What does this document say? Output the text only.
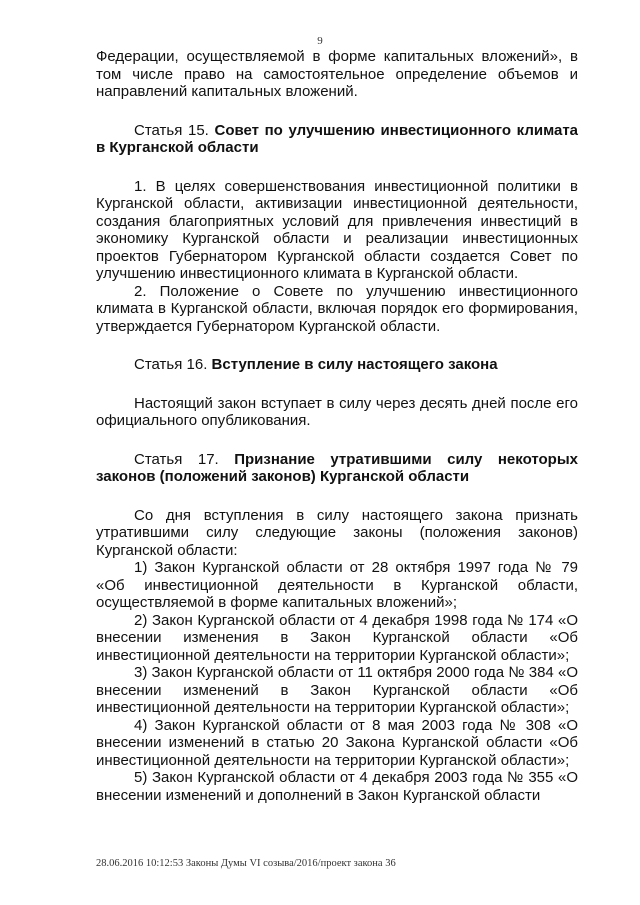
9

Федерации, осуществляемой в форме капитальных вложений», в том числе право на самостоятельное определение объемов и направлений капитальных вложений.

Статья 15. Совет по улучшению инвестиционного климата в Курганской области

1. В целях совершенствования инвестиционной политики в Курганской области, активизации инвестиционной деятельности, создания благоприятных условий для привлечения инвестиций в экономику Курганской области и реализации инвестиционных проектов Губернатором Курганской области создается Совет по улучшению инвестиционного климата в Курганской области.

2. Положение о Совете по улучшению инвестиционного климата в Курганской области, включая порядок его формирования, утверждается Губернатором Курганской области.

Статья 16. Вступление в силу настоящего закона

Настоящий закон вступает в силу через десять дней после его официального опубликования.

Статья 17. Признание утратившими силу некоторых законов (положений законов) Курганской области

Со дня вступления в силу настоящего закона признать утратившими силу следующие законы (положения законов) Курганской области:

1) Закон Курганской области от 28 октября 1997 года № 79 «Об инвестиционной деятельности в Курганской области, осуществляемой в форме капитальных вложений»;

2) Закон Курганской области от 4 декабря 1998 года № 174 «О внесении изменения в Закон Курганской области «Об инвестиционной деятельности на территории Курганской области»;

3) Закон Курганской области от 11 октября 2000 года № 384 «О внесении изменений в Закон Курганской области «Об инвестиционной деятельности на территории Курганской области»;

4) Закон Курганской области от 8 мая 2003 года № 308 «О внесении изменений в статью 20 Закона Курганской области «Об инвестиционной деятельности на территории Курганской области»;

5) Закон Курганской области от 4 декабря 2003 года № 355 «О внесении изменений и дополнений в Закон Курганской области

28.06.2016 10:12:53 Законы Думы VI созыва/2016/проект закона 36
